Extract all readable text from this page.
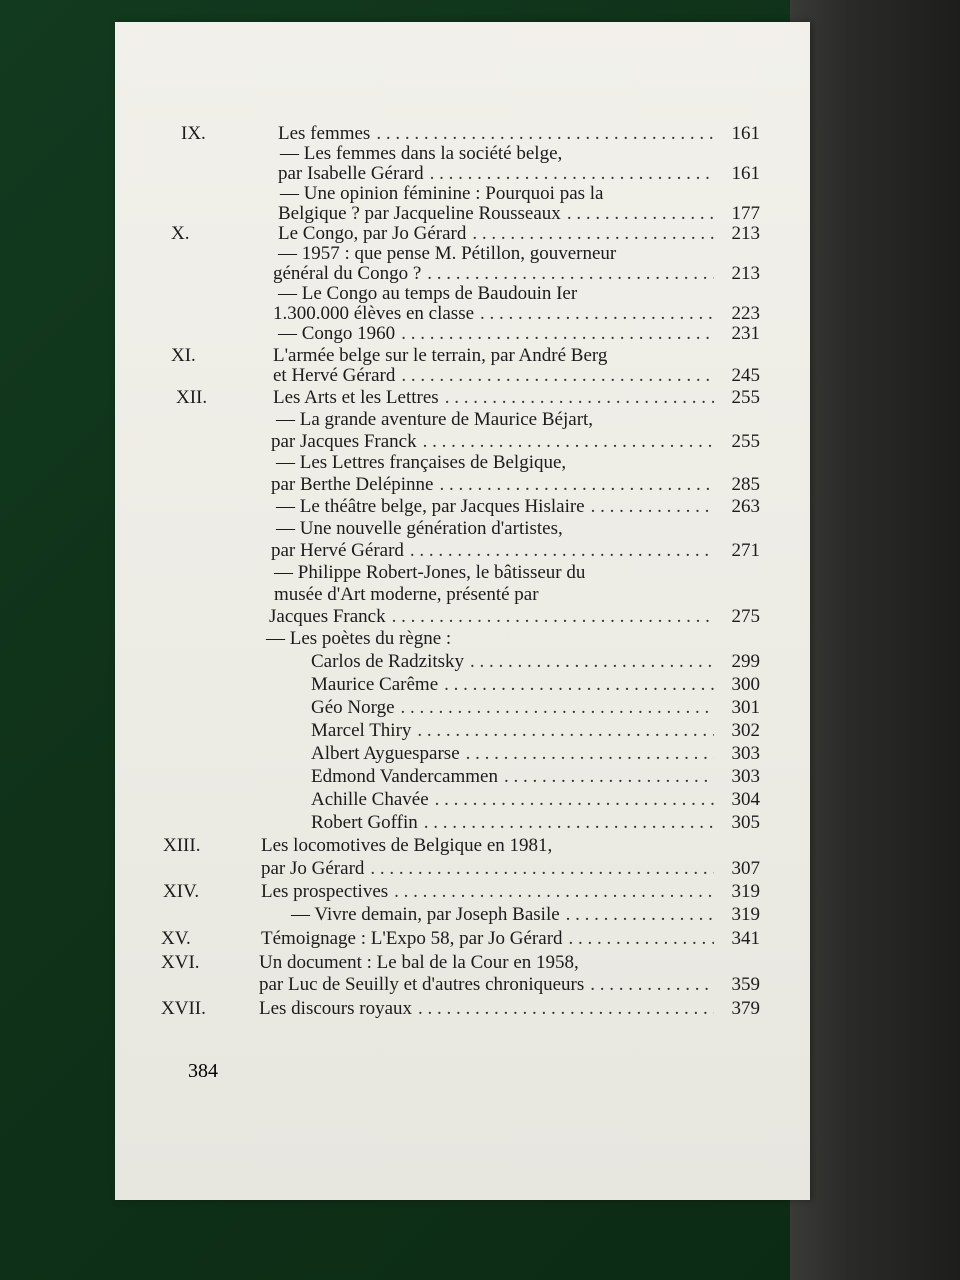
IX.	Les femmes . . .	161
— Les femmes dans la société belge,
par Isabelle Gérard . . .	161
— Une opinion féminine : Pourquoi pas la
Belgique ? par Jacqueline Rousseaux . . .	177
X.	Le Congo, par Jo Gérard . . .	213
— 1957 : que pense M. Pétillon, gouverneur
général du Congo ? . . .	213
— Le Congo au temps de Baudouin Ier
1.300.000 élèves en classe . . .	223
— Congo 1960 . . .	231
XI.	L'armée belge sur le terrain, par André Berg
et Hervé Gérard . . .	245
XII.	Les Arts et les Lettres . . .	255
— La grande aventure de Maurice Béjart,
par Jacques Franck . . .	255
— Les Lettres françaises de Belgique,
par Berthe Delépinne . . .	285
— Le théâtre belge, par Jacques Hislaire . . .	263
— Une nouvelle génération d'artistes,
par Hervé Gérard . . .	271
— Philippe Robert-Jones, le bâtisseur du
musée d'Art moderne, présenté par
Jacques Franck . . .	275
— Les poètes du règne :
Carlos de Radzitsky . . .	299
Maurice Carême . . .	300
Géo Norge . . .	301
Marcel Thiry . . .	302
Albert Ayguesparse . . .	303
Edmond Vandercammen . . .	303
Achille Chavée . . .	304
Robert Goffin . . .	305
XIII.	Les locomotives de Belgique en 1981,
par Jo Gérard . . .	307
XIV.	Les prospectives . . .	319
— Vivre demain, par Joseph Basile . . .	319
XV.	Témoignage : L'Expo 58, par Jo Gérard . . .	341
XVI.	Un document : Le bal de la Cour en 1958,
par Luc de Seuilly et d'autres chroniqueurs . . .	359
XVII.	Les discours royaux . . .	379
384
